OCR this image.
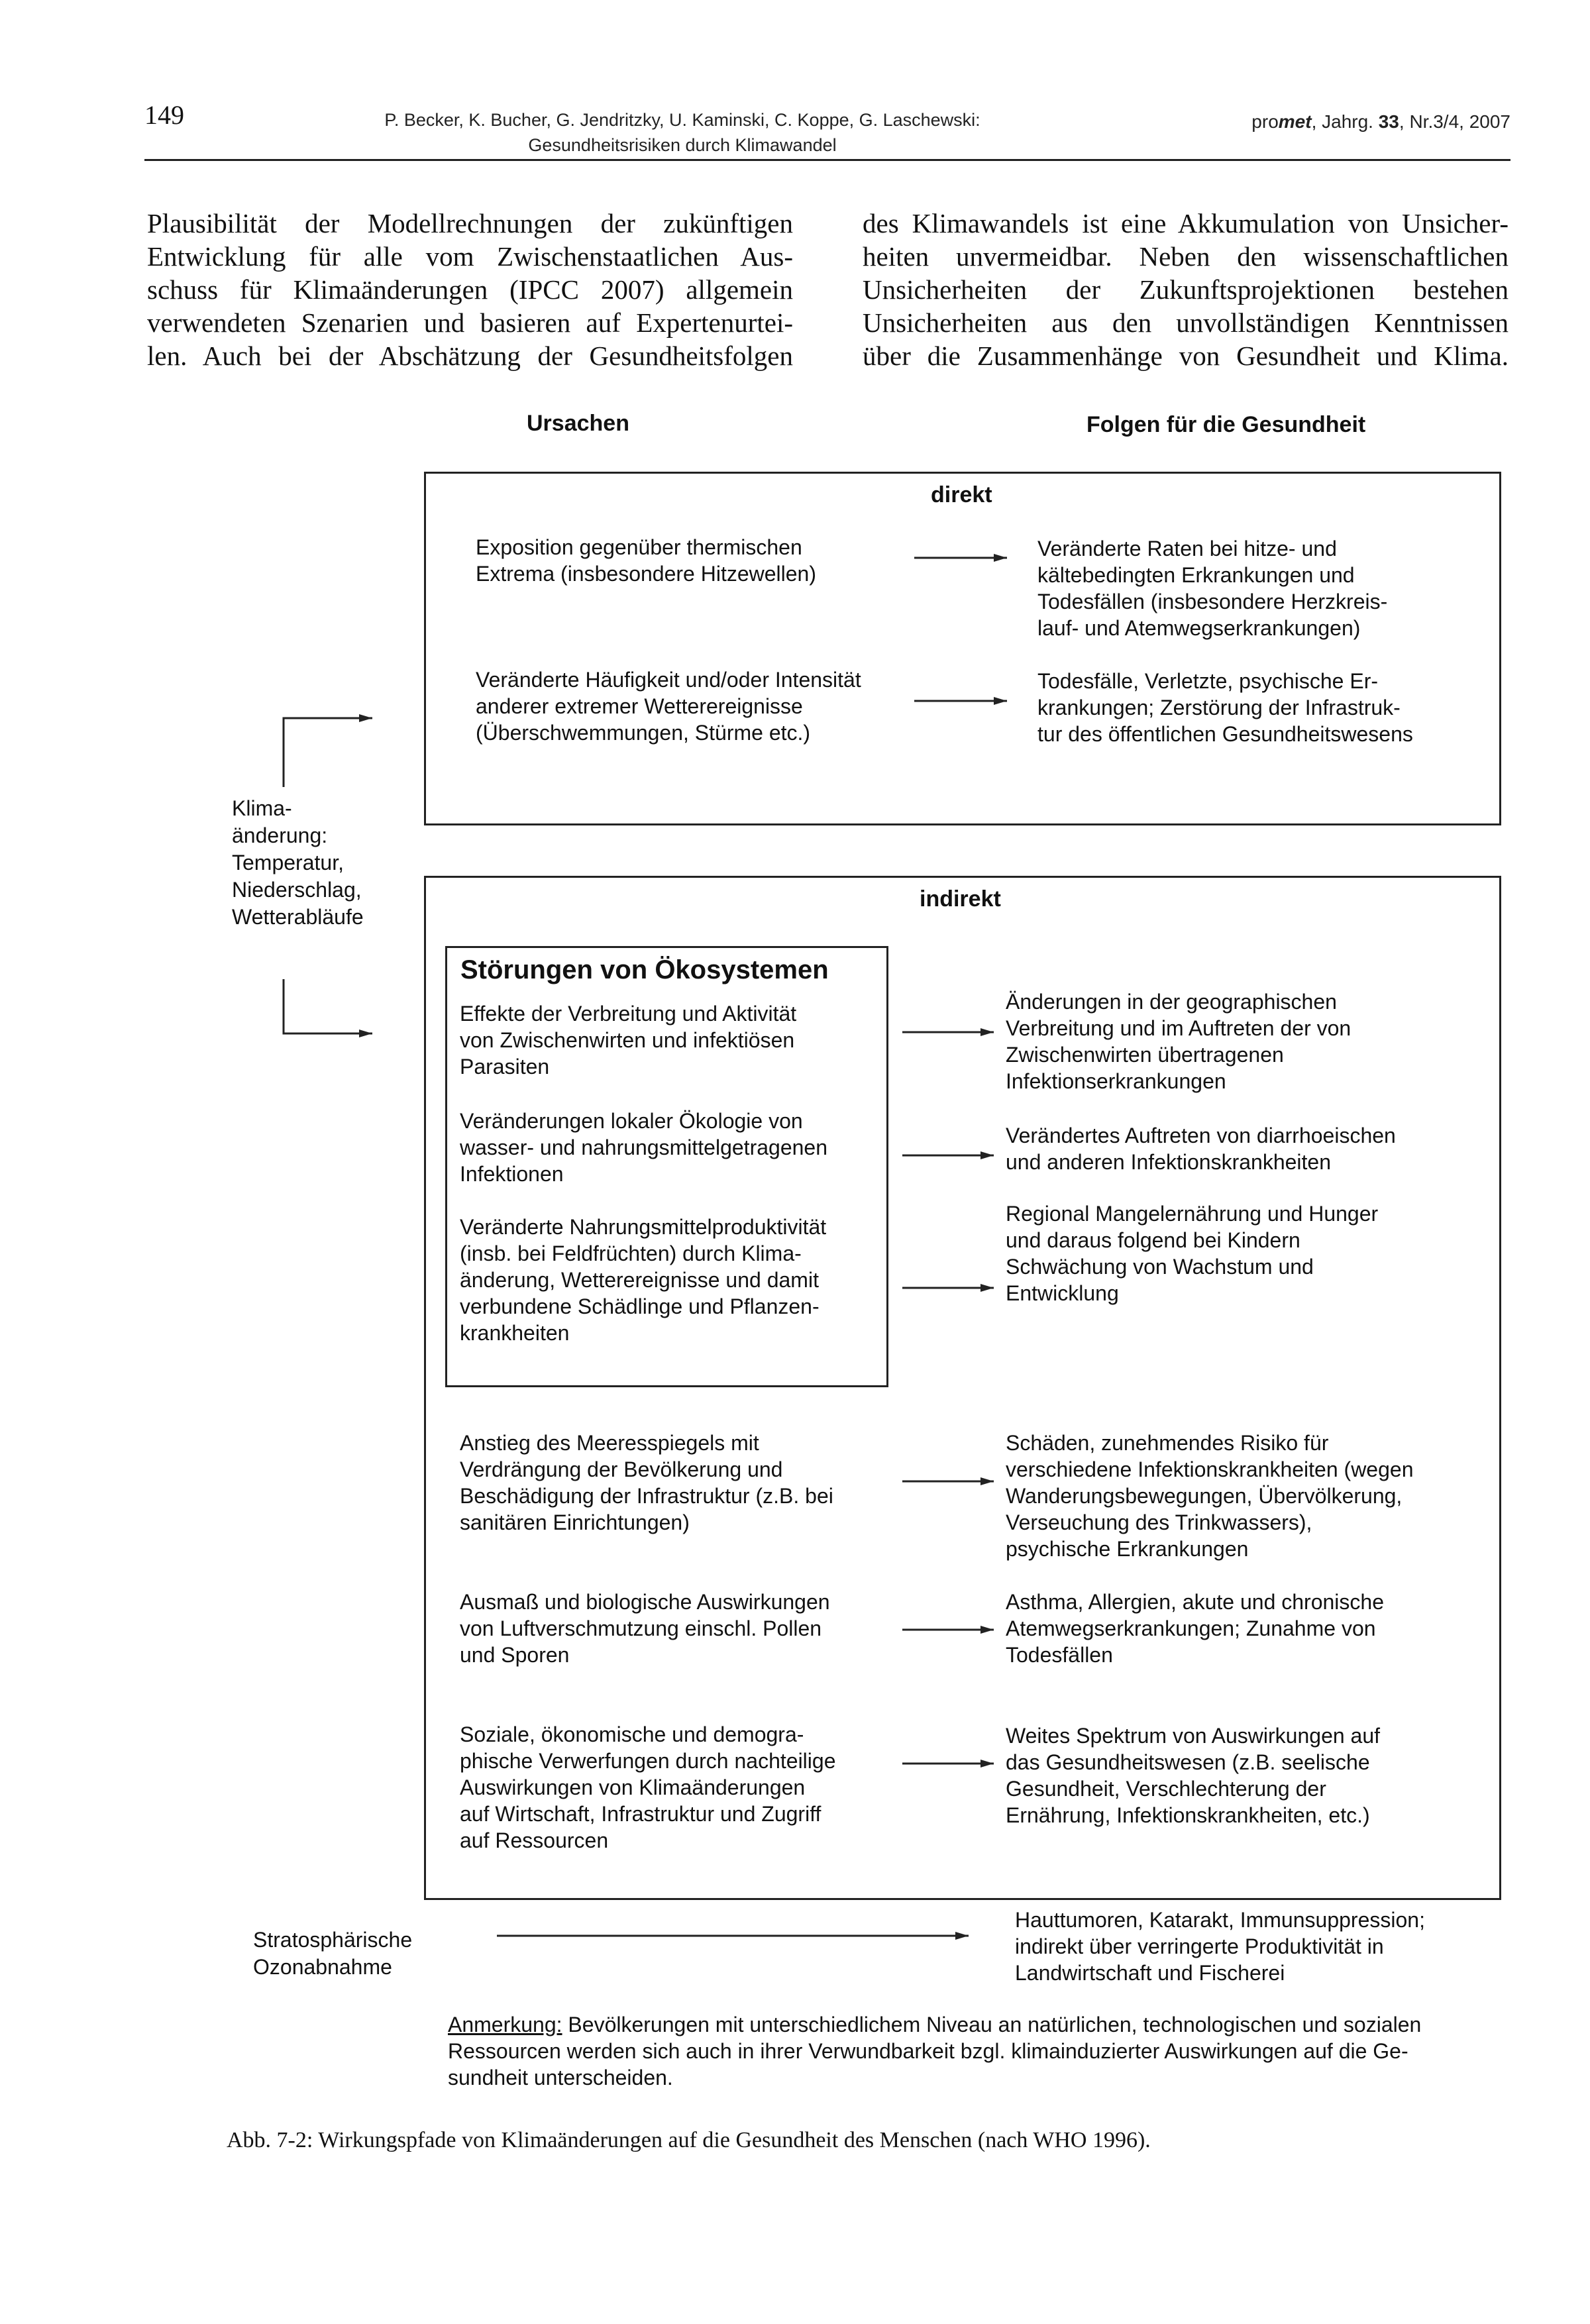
149	P. Becker, K. Bucher, G. Jendritzky, U. Kaminski, C. Koppe, G. Laschewski:
Gesundheitsrisiken durch Klimawandel
promet, Jahrg. 33, Nr.3/4, 2007
Plausibilität der Modellrechnungen der zukünftigen
Entwicklung für alle vom Zwischenstaatlichen Aus-
schuss für Klimaänderungen (IPCC 2007) allgemein
verwendeten Szenarien und basieren auf Expertenurtei-
len. Auch bei der Abschätzung der Gesundheitsfolgen
des Klimawandels ist eine Akkumulation von Unsicher-
heiten unvermeidbar. Neben den wissenschaftlichen
Unsicherheiten der Zukunftsprojektionen bestehen
Unsicherheiten aus den unvollständigen Kenntnissen
über die Zusammenhänge von Gesundheit und Klima.
Ursachen	Folgen für die Gesundheit
direkt
indirekt
Klima-
änderung:
Temperatur,
Niederschlag,
Wetterabläufe
Exposition gegenüber thermischen
Extrema (insbesondere Hitzewellen)
Veränderte Raten bei hitze- und
kältebedingten Erkrankungen und
Todesfällen (insbesondere Herzkreis-
lauf- und Atemwegserkrankungen)
Veränderte Häufigkeit und/oder Intensität
anderer extremer Wetterereignisse
(Überschwemmungen, Stürme etc.)
Todesfälle, Verletzte, psychische Er-
krankungen; Zerstörung der Infrastruk-
tur des öffentlichen Gesundheitswesens
Störungen von Ökosystemen
Effekte der Verbreitung und Aktivität
von Zwischenwirten und infektiösen
Parasiten
Änderungen in der geographischen
Verbreitung und im Auftreten der von
Zwischenwirten übertragenen
Infektionserkrankungen
Veränderungen lokaler Ökologie von
wasser- und nahrungsmittelgetragenen
Infektionen
Verändertes Auftreten von diarrhoeischen
und anderen Infektionskrankheiten
Veränderte Nahrungsmittelproduktivität
(insb. bei Feldfrüchten) durch Klima-
änderung, Wetterereignisse und damit
verbundene Schädlinge und Pflanzen-
krankheiten
Regional Mangelernährung und Hunger
und daraus folgend bei Kindern
Schwächung von Wachstum und
Entwicklung
Anstieg des Meeresspiegels mit
Verdrängung der Bevölkerung und
Beschädigung der Infrastruktur (z.B. bei
sanitären Einrichtungen)
Schäden, zunehmendes Risiko für
verschiedene Infektionskrankheiten (wegen
Wanderungsbewegungen, Übervölkerung,
Verseuchung des Trinkwassers),
psychische Erkrankungen
Ausmaß und biologische Auswirkungen
von Luftverschmutzung einschl. Pollen
und Sporen
Asthma, Allergien, akute und chronische
Atemwegserkrankungen; Zunahme von
Todesfällen
Soziale, ökonomische und demogra-
phische Verwerfungen durch nachteilige
Auswirkungen von Klimaänderungen
auf Wirtschaft, Infrastruktur und Zugriff
auf Ressourcen
Weites Spektrum von Auswirkungen auf
das Gesundheitswesen (z.B. seelische
Gesundheit, Verschlechterung der
Ernährung, Infektionskrankheiten, etc.)
Stratosphärische
Ozonabnahme
Hauttumoren, Katarakt, Immunsuppression;
indirekt über verringerte Produktivität in
Landwirtschaft und Fischerei
Anmerkung: Bevölkerungen mit unterschiedlichem Niveau an natürlichen, technologischen und sozialen
Ressourcen werden sich auch in ihrer Verwundbarkeit bzgl. klimainduzierter Auswirkungen auf die Ge-
sundheit unterscheiden.
Abb. 7-2: Wirkungspfade von Klimaänderungen auf die Gesundheit des Menschen (nach WHO 1996).
